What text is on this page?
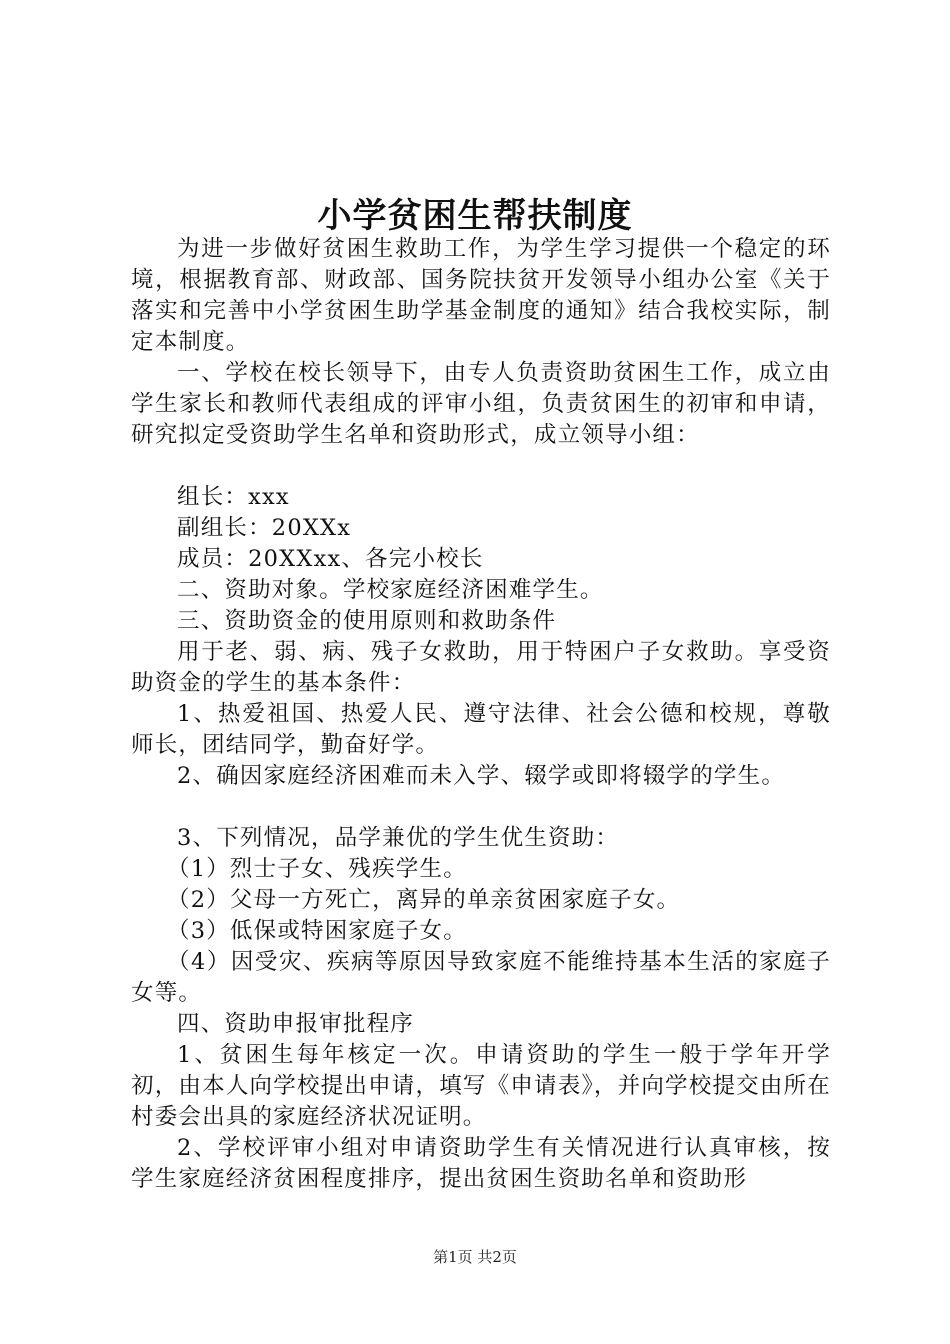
小学贫困生帮扶制度

为进一步做好贫困生救助工作，为学生学习提供一个稳定的环境，根据教育部、财政部、国务院扶贫开发领导小组办公室《关于落实和完善中小学贫困生助学基金制度的通知》结合我校实际，制定本制度。

一、学校在校长领导下，由专人负责资助贫困生工作，成立由学生家长和教师代表组成的评审小组，负责贫困生的初审和申请，研究拟定受资助学生名单和资助形式，成立领导小组：

组长：xxx

副组长：20XXx

成员：20XXxx、各完小校长

二、资助对象。学校家庭经济困难学生。

三、资助资金的使用原则和救助条件

用于老、弱、病、残子女救助，用于特困户子女救助。享受资助资金的学生的基本条件：

1、热爱祖国、热爱人民、遵守法律、社会公德和校规，尊敬师长，团结同学，勤奋好学。

2、确因家庭经济困难而未入学、辍学或即将辍学的学生。

3、下列情况，品学兼优的学生优生资助：

（1）烈士子女、残疾学生。

（2）父母一方死亡，离异的单亲贫困家庭子女。

（3）低保或特困家庭子女。

（4）因受灾、疾病等原因导致家庭不能维持基本生活的家庭子女等。

四、资助申报审批程序

1、贫困生每年核定一次。申请资助的学生一般于学年开学初，由本人向学校提出申请，填写《申请表》，并向学校提交由所在村委会出具的家庭经济状况证明。

2、学校评审小组对申请资助学生有关情况进行认真审核，按学生家庭经济贫困程度排序，提出贫困生资助名单和资助形

第1页 共2页
